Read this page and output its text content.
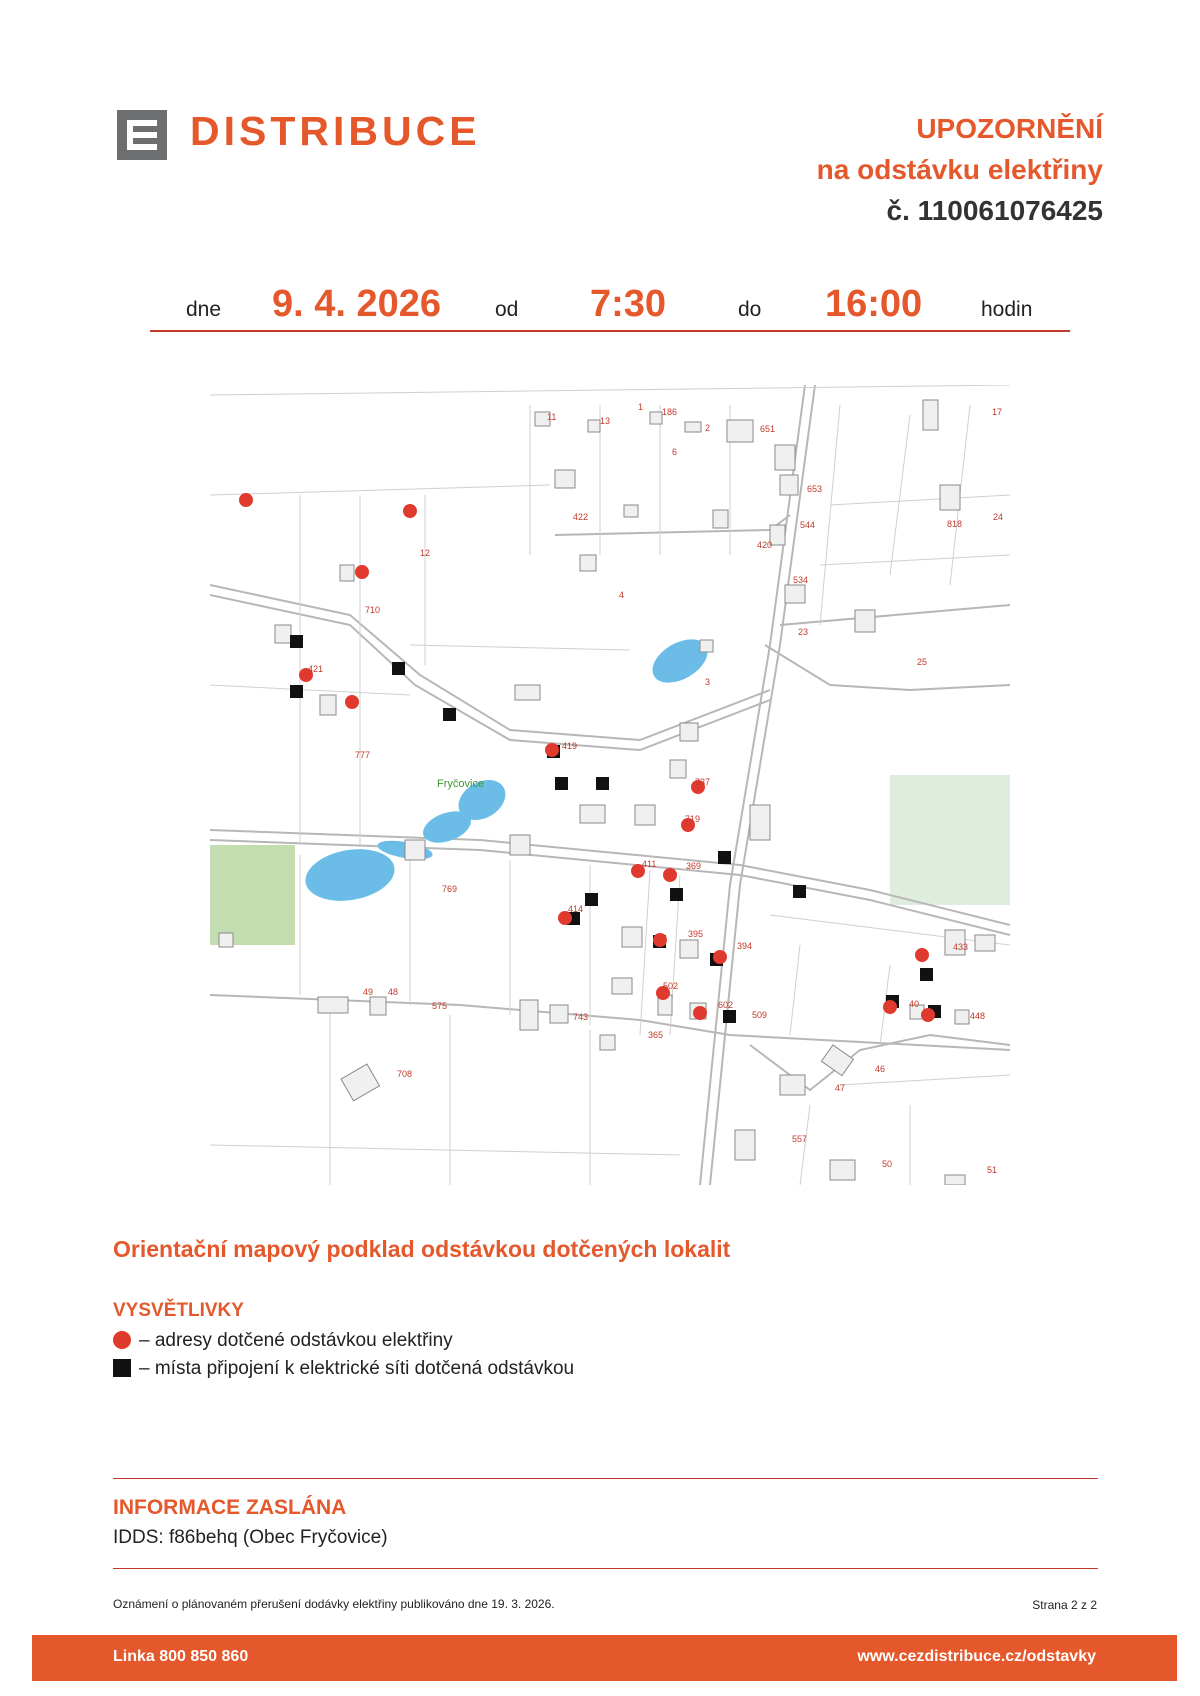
DISTRIBUCE	UPOZORNĚNÍ
na odstávku elektřiny
č. 110061076425
dne 9. 4. 2026	od 7:30	do 16:00	hodin
Fryčovice
11	13
1 186
2	651
17
6
653
422
544	818
24
420
12
534
4
710
23
25
421
3
419
777
737
719
411	369
769
414
395
394	433
502
602
509
40
448
49 48
575
743
365
708	46
47
557
50
51
Orientační mapový podklad odstávkou dotčených lokalit
VYSVĚTLIVKY
– adresy dotčené odstávkou elektřiny
– místa připojení k elektrické síti dotčená odstávkou
INFORMACE ZASLÁNA
IDDS: f86behq (Obec Fryčovice)
Oznámení o plánovaném přerušení dodávky elektřiny publikováno dne 19. 3. 2026.	Strana 2 z 2
Linka 800 850 860	www.cezdistribuce.cz/odstavky
